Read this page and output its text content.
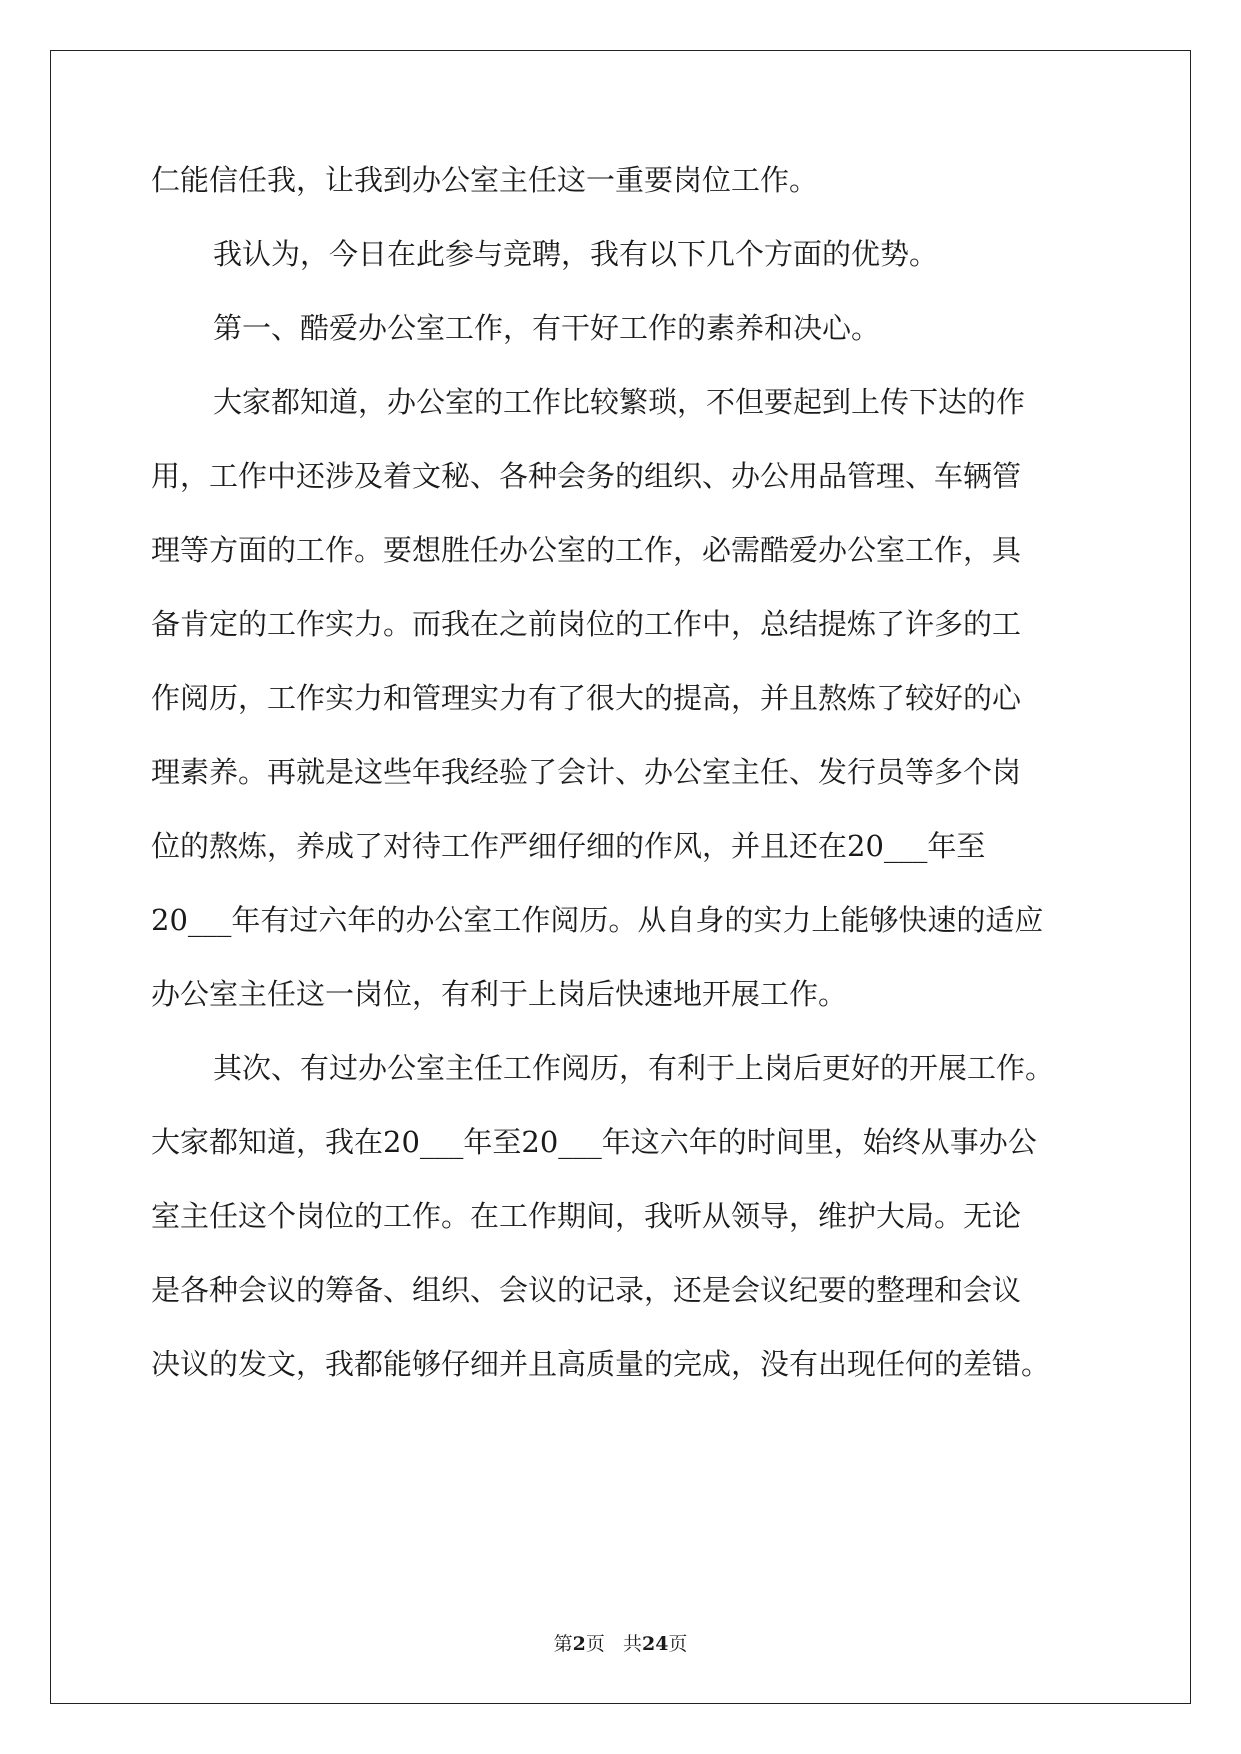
仁能信任我，让我到办公室主任这一重要岗位工作。
我认为，今日在此参与竞聘，我有以下几个方面的优势。
第一、酷爱办公室工作，有干好工作的素养和决心。
大家都知道，办公室的工作比较繁琐，不但要起到上传下达的作
用，工作中还涉及着文秘、各种会务的组织、办公用品管理、车辆管
理等方面的工作。要想胜任办公室的工作，必需酷爱办公室工作，具
备肯定的工作实力。而我在之前岗位的工作中，总结提炼了许多的工
作阅历，工作实力和管理实力有了很大的提高，并且熬炼了较好的心
理素养。再就是这些年我经验了会计、办公室主任、发行员等多个岗
位的熬炼，养成了对待工作严细仔细的作风，并且还在20___年至
20___年有过六年的办公室工作阅历。从自身的实力上能够快速的适应
办公室主任这一岗位，有利于上岗后快速地开展工作。
其次、有过办公室主任工作阅历，有利于上岗后更好的开展工作。
大家都知道，我在20___年至20___年这六年的时间里，始终从事办公
室主任这个岗位的工作。在工作期间，我听从领导，维护大局。无论
是各种会议的筹备、组织、会议的记录，还是会议纪要的整理和会议
决议的发文，我都能够仔细并且高质量的完成，没有出现任何的差错。
第2页 共24页
